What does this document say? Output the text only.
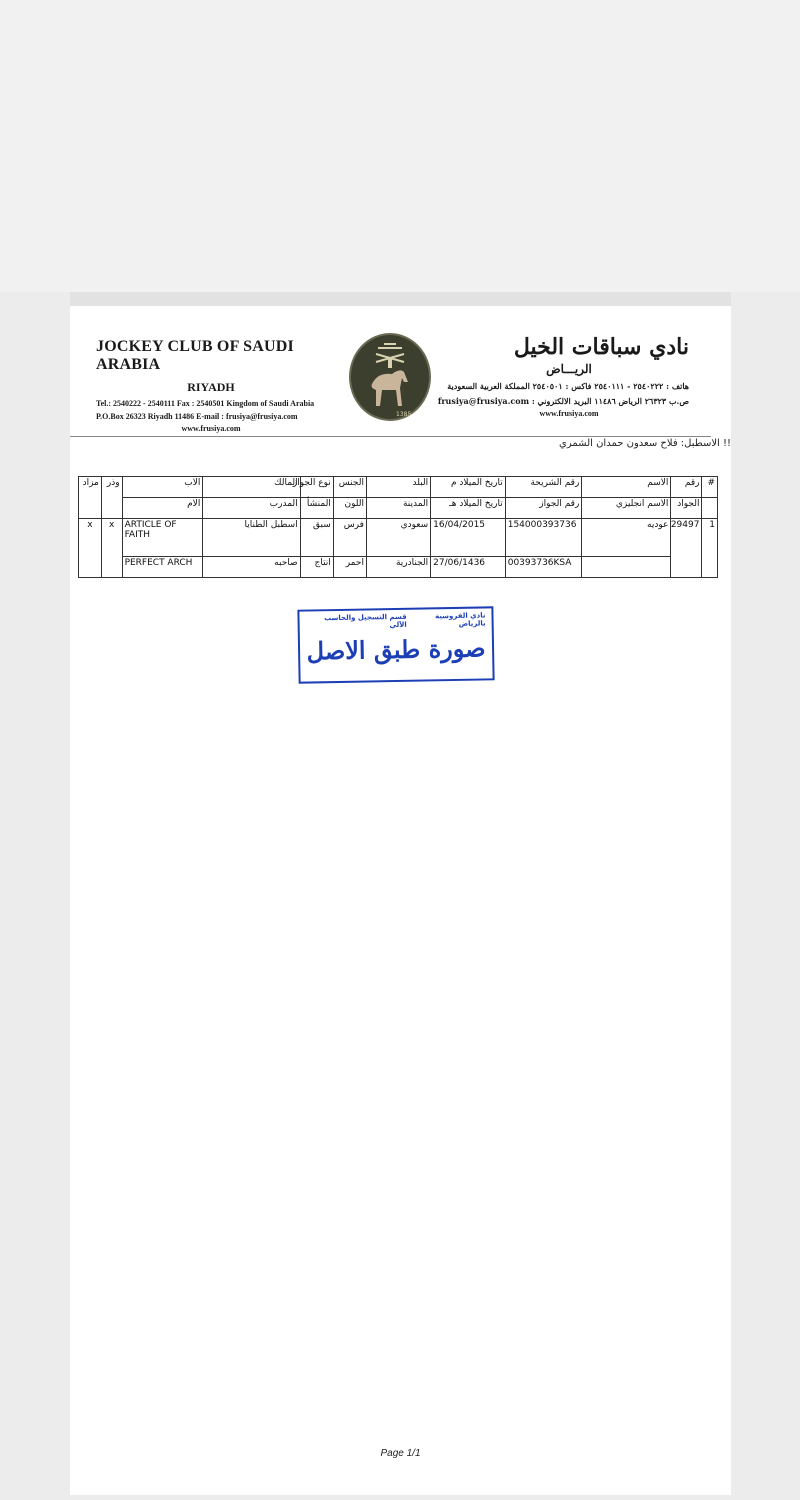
JOCKEY CLUB OF SAUDI ARABIA
RIYADH
Tel.: 2540222 - 2540111 Fax : 2540501 Kingdom of Saudi Arabia
P.O.Box 26323 Riyadh 11486 E-mail : frusiya@frusiya.com
www.frusiya.com
1385
نادي سباقات الخيل
الريـــاض
هاتف : ٢٥٤٠٢٢٢ - ٢٥٤٠١١١ فاكس : ٢٥٤٠٥٠١ المملكة العربية السعودية
ص.ب ٢٦٣٢٣ الرياض ١١٤٨٦ البريد الالكتروني : frusiya@frusiya.com
www.frusiya.com
!! الاسطبل: فلاح سعدون حمدان الشمري
#	رقم	الاسم	رقم الشريحة	تاريخ الميلاد م	البلد	الجنس	نوع الجواز	المالك	الاب	وذر	مزاد
	الجواد	الاسم انجليزي	رقم الجواز	تاريخ الميلاد هـ	المدينة	اللون	المنشأ	المدرب	الام		
1	29497	عوديه	154000393736	16/04/2015	سعودي	فرس	سبق	اسطبل الطنايا	ARTICLE OF FAITH	x	x
			00393736KSA	27/06/1436	الجنادرية	احمر	انتاج	صاحبه	PERFECT ARCH		
نادي الفروسية بالرياض
قسم التسجيل والحاسب الآلي
صورة طبق الاصل
Page 1/1
